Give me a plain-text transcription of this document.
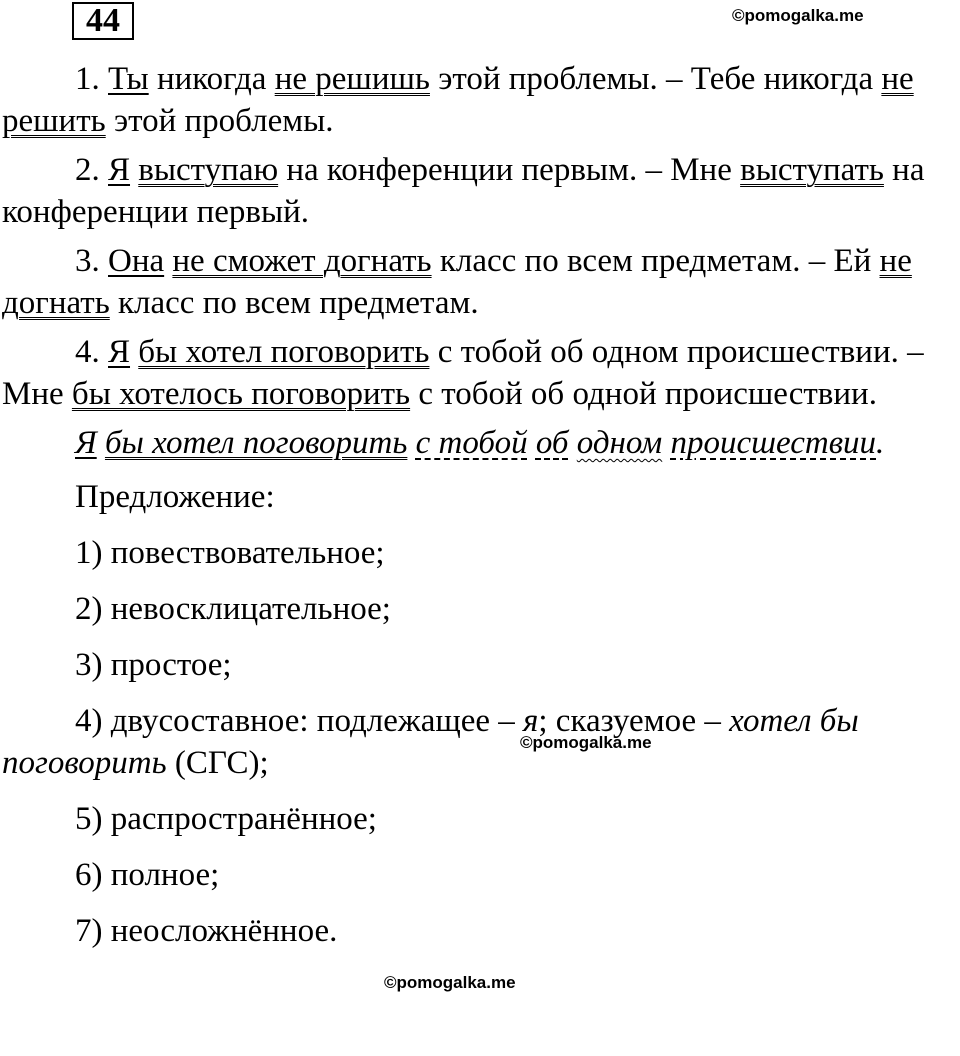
44	©pomogalka.me
©pomogalka.me
©pomogalka.me

1. Ты никогда не решишь этой проблемы. – Тебе никогда не решить этой проблемы.

2. Я выступаю на конференции первым. – Мне выступать на конференции первый.

3. Она не сможет догнать класс по всем предметам. – Ей не догнать класс по всем предметам.

4. Я бы хотел поговорить с тобой об одном происшествии. – Мне бы хотелось поговорить с тобой об одной происшествии.

Я бы хотел поговорить с тобой об одном происшествии.

Предложение:

1) повествовательное;

2) невосклицательное;

3) простое;

4) двусоставное: подлежащее – я; сказуемое – хотел бы поговорить (СГС);

5) распространённое;

6) полное;

7) неосложнённое.
